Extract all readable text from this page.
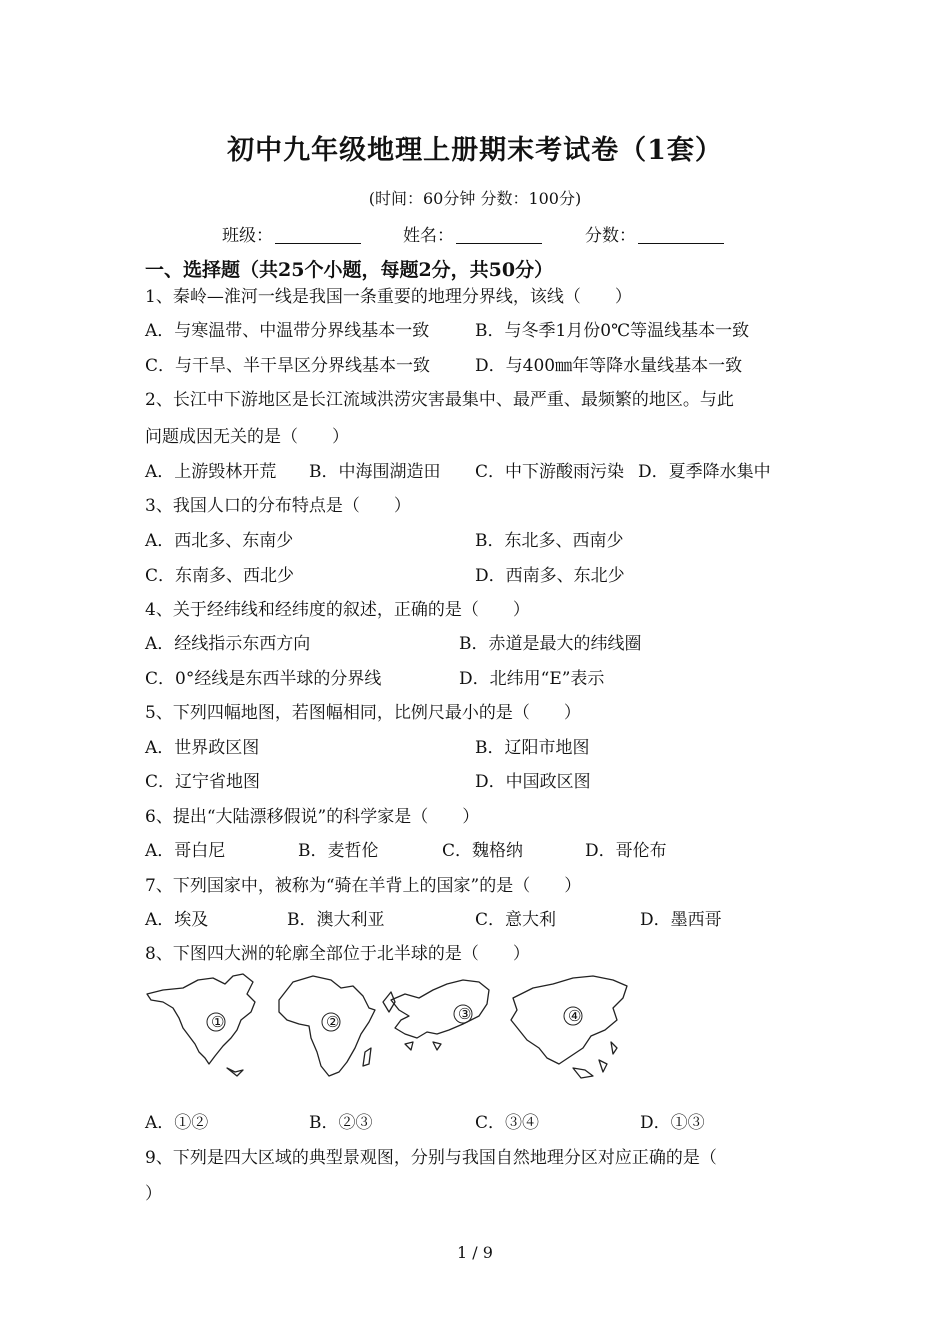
初中九年级地理上册期末考试卷（1套）
(时间：60分钟 分数：100分)
班级：	姓名：	分数：
一、选择题（共25个小题，每题2分，共50分）
1、秦岭—淮河一线是我国一条重要的地理分界线，该线（　　）
A．与寒温带、中温带分界线基本一致	B．与冬季1月份0℃等温线基本一致
C．与干旱、半干旱区分界线基本一致	D．与400㎜年等降水量线基本一致
2、长江中下游地区是长江流域洪涝灾害最集中、最严重、最频繁的地区。与此
问题成因无关的是（　　）
A．上游毁林开荒 B．中海围湖造田 C．中下游酸雨污染 D．夏季降水集中
3、我国人口的分布特点是（　　）
A．西北多、东南少	B．东北多、西南少
C．东南多、西北少	D．西南多、东北少
4、关于经纬线和经纬度的叙述，正确的是（　　）
A．经线指示东西方向	B．赤道是最大的纬线圈
C．0°经线是东西半球的分界线	D．北纬用“E”表示
5、下列四幅地图，若图幅相同，比例尺最小的是（　　）
A．世界政区图	B．辽阳市地图
C．辽宁省地图	D．中国政区图
6、提出“大陆漂移假说”的科学家是（　　）
A．哥白尼	B．麦哲伦	C．魏格纳	D．哥伦布
7、下列国家中，被称为“骑在羊背上的国家”的是（　　）
A．埃及	B．澳大利亚	C．意大利	D．墨西哥
8、下图四大洲的轮廓全部位于北半球的是（　　）
①	②	③	④
A．①②	B．②③	C．③④	D．①③
9、下列是四大区域的典型景观图，分别与我国自然地理分区对应正确的是（
）
1 / 9
